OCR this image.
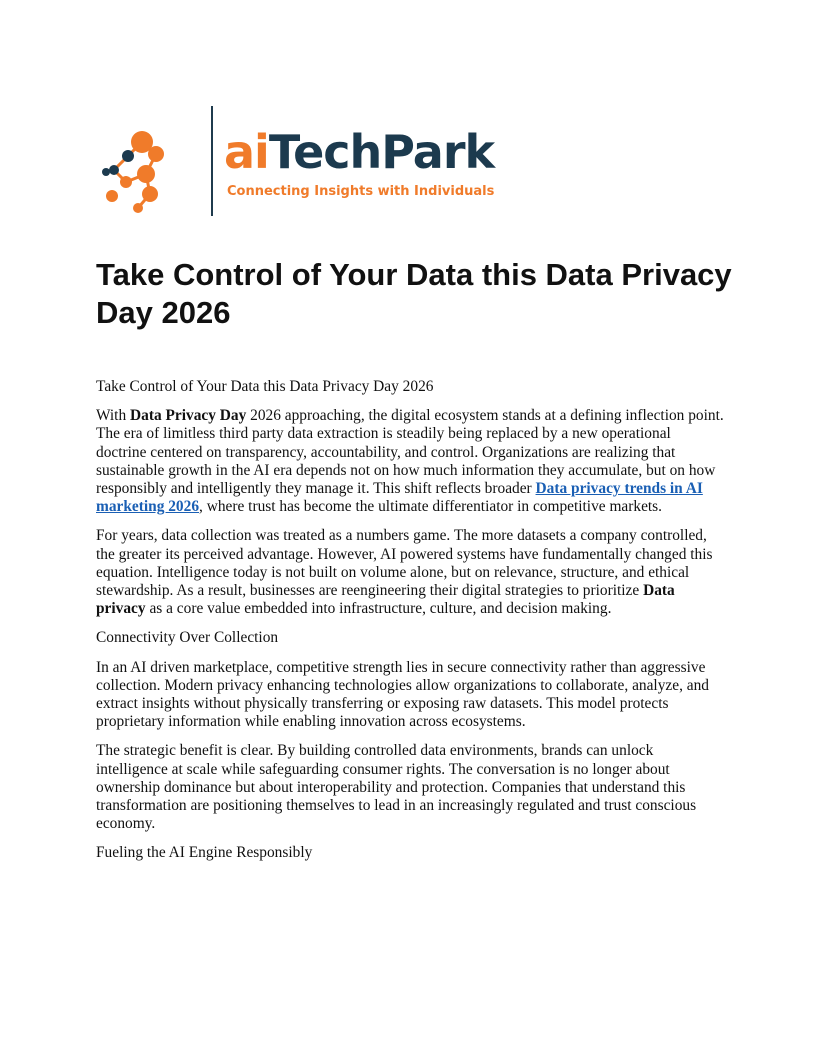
aiTechPark
Connecting Insights with Individuals
Take Control of Your Data this Data Privacy Day 2026

Take Control of Your Data this Data Privacy Day 2026

With Data Privacy Day 2026 approaching, the digital ecosystem stands at a defining inflection point. The era of limitless third party data extraction is steadily being replaced by a new operational doctrine centered on transparency, accountability, and control. Organizations are realizing that sustainable growth in the AI era depends not on how much information they accumulate, but on how responsibly and intelligently they manage it. This shift reflects broader Data privacy trends in AI marketing 2026, where trust has become the ultimate differentiator in competitive markets.

For years, data collection was treated as a numbers game. The more datasets a company controlled, the greater its perceived advantage. However, AI powered systems have fundamentally changed this equation. Intelligence today is not built on volume alone, but on relevance, structure, and ethical stewardship. As a result, businesses are reengineering their digital strategies to prioritize Data privacy as a core value embedded into infrastructure, culture, and decision making.

Connectivity Over Collection

In an AI driven marketplace, competitive strength lies in secure connectivity rather than aggressive collection. Modern privacy enhancing technologies allow organizations to collaborate, analyze, and extract insights without physically transferring or exposing raw datasets. This model protects proprietary information while enabling innovation across ecosystems.

The strategic benefit is clear. By building controlled data environments, brands can unlock intelligence at scale while safeguarding consumer rights. The conversation is no longer about ownership dominance but about interoperability and protection. Companies that understand this transformation are positioning themselves to lead in an increasingly regulated and trust conscious economy.

Fueling the AI Engine Responsibly
